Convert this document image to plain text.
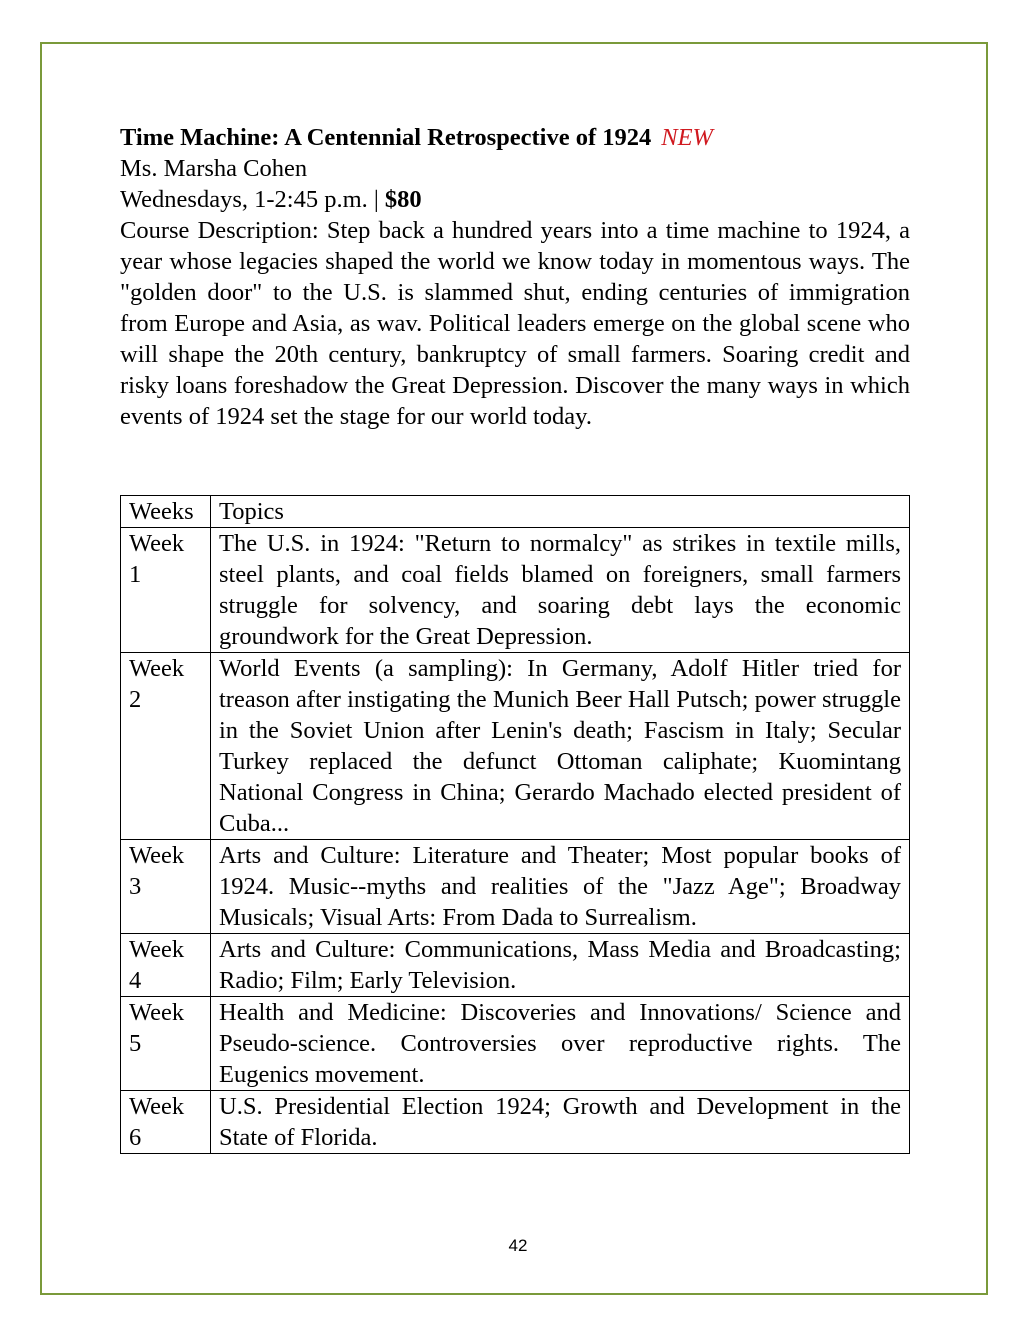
Time Machine: A Centennial Retrospective of 1924 NEW
Ms. Marsha Cohen
Wednesdays, 1-2:45 p.m. | $80
Course Description: Step back a hundred years into a time machine to 1924, a year whose legacies shaped the world we know today in momentous ways. The "golden door" to the U.S. is slammed shut, ending centuries of immigration from Europe and Asia, as wav. Political leaders emerge on the global scene who will shape the 20th century, bankruptcy of small farmers. Soaring credit and risky loans foreshadow the Great Depression. Discover the many ways in which events of 1924 set the stage for our world today.
Weeks	Topics
Week 1	The U.S. in 1924: "Return to normalcy" as strikes in textile mills, steel plants, and coal fields blamed on foreigners, small farmers struggle for solvency, and soaring debt lays the economic groundwork for the Great Depression.
Week 2	World Events (a sampling): In Germany, Adolf Hitler tried for treason after instigating the Munich Beer Hall Putsch; power struggle in the Soviet Union after Lenin's death; Fascism in Italy; Secular Turkey replaced the defunct Ottoman caliphate; Kuomintang National Congress in China; Gerardo Machado elected president of Cuba...
Week 3	Arts and Culture: Literature and Theater; Most popular books of 1924. Music--myths and realities of the "Jazz Age"; Broadway Musicals; Visual Arts: From Dada to Surrealism.
Week 4	Arts and Culture: Communications, Mass Media and Broadcasting; Radio; Film; Early Television.
Week 5	Health and Medicine: Discoveries and Innovations/ Science and Pseudo-science. Controversies over reproductive rights. The Eugenics movement.
Week 6	U.S. Presidential Election 1924; Growth and Development in the State of Florida.
42
